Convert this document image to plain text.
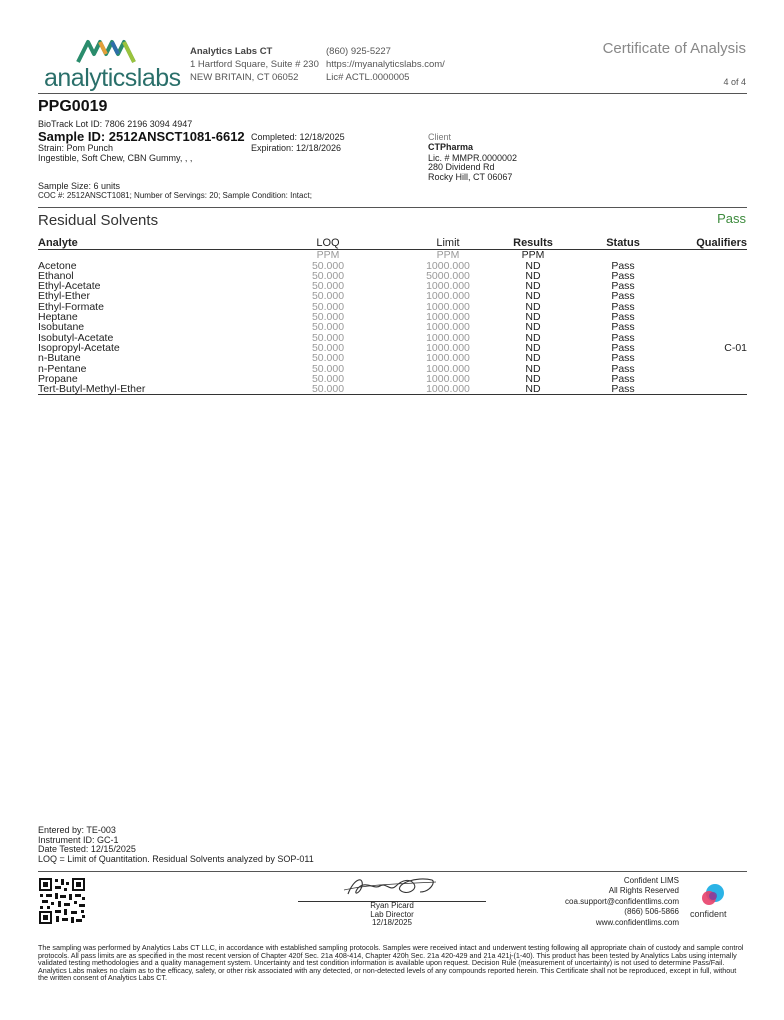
analyticslabs
Analytics Labs CT
1 Hartford Square, Suite # 230
NEW BRITAIN, CT 06052
(860) 925-5227
https://myanalyticslabs.com/
Lic# ACTL.0000005
Certificate of Analysis
4 of 4
PPG0019
BioTrack Lot ID: 7806 2196 3094 4947
Sample ID: 2512ANSCT1081-6612
Strain: Pom Punch
Ingestible, Soft Chew, CBN Gummy, , ,
Completed: 12/18/2025
Expiration: 12/18/2026
Client
CTPharma
Lic. # MMPR.0000002
280 Dividend Rd
Rocky Hill, CT 06067
Sample Size: 6 units
COC #: 2512ANSCT1081; Number of Servings: 20; Sample Condition: Intact;
Residual Solvents	Pass
Analyte	LOQ	Limit	Results	Status	Qualifiers
	PPM	PPM	PPM		
Acetone	50.000	1000.000	ND	Pass	
Ethanol	50.000	5000.000	ND	Pass	
Ethyl-Acetate	50.000	1000.000	ND	Pass	
Ethyl-Ether	50.000	1000.000	ND	Pass	
Ethyl-Formate	50.000	1000.000	ND	Pass	
Heptane	50.000	1000.000	ND	Pass	
Isobutane	50.000	1000.000	ND	Pass	
Isobutyl-Acetate	50.000	1000.000	ND	Pass	
Isopropyl-Acetate	50.000	1000.000	ND	Pass	C-01
n-Butane	50.000	1000.000	ND	Pass	
n-Pentane	50.000	1000.000	ND	Pass	
Propane	50.000	1000.000	ND	Pass	
Tert-Butyl-Methyl-Ether	50.000	1000.000	ND	Pass	
Entered by: TE-003
Instrument ID: GC-1
Date Tested: 12/15/2025
LOQ = Limit of Quantitation. Residual Solvents analyzed by SOP-011
Ryan Picard
Lab Director
12/18/2025
Confident LIMS
All Rights Reserved
coa.support@confidentlims.com
(866) 506-5866
www.confidentlims.com
confident
The sampling was performed by Analytics Labs CT LLC, in accordance with established sampling protocols. Samples were received intact and underwent testing following all appropriate chain of custody and sample control protocols. All pass limits are as specified in the most recent version of Chapter 420f Sec. 21a 408-414, Chapter 420h Sec. 21a 420-429 and 21a 421j-(1-40). This product has been tested by Analytics Labs using internally validated testing methodologies and a quality management system. Uncertainty and test condition information is available upon request. Decision Rule (measurement of uncertainty) is not used to determine Pass/Fail. Analytics Labs makes no claim as to the efficacy, safety, or other risk associated with any detected, or non-detected levels of any compounds reported herein. This Certificate shall not be reproduced, except in full, without the written consent of Analytics Labs CT.
